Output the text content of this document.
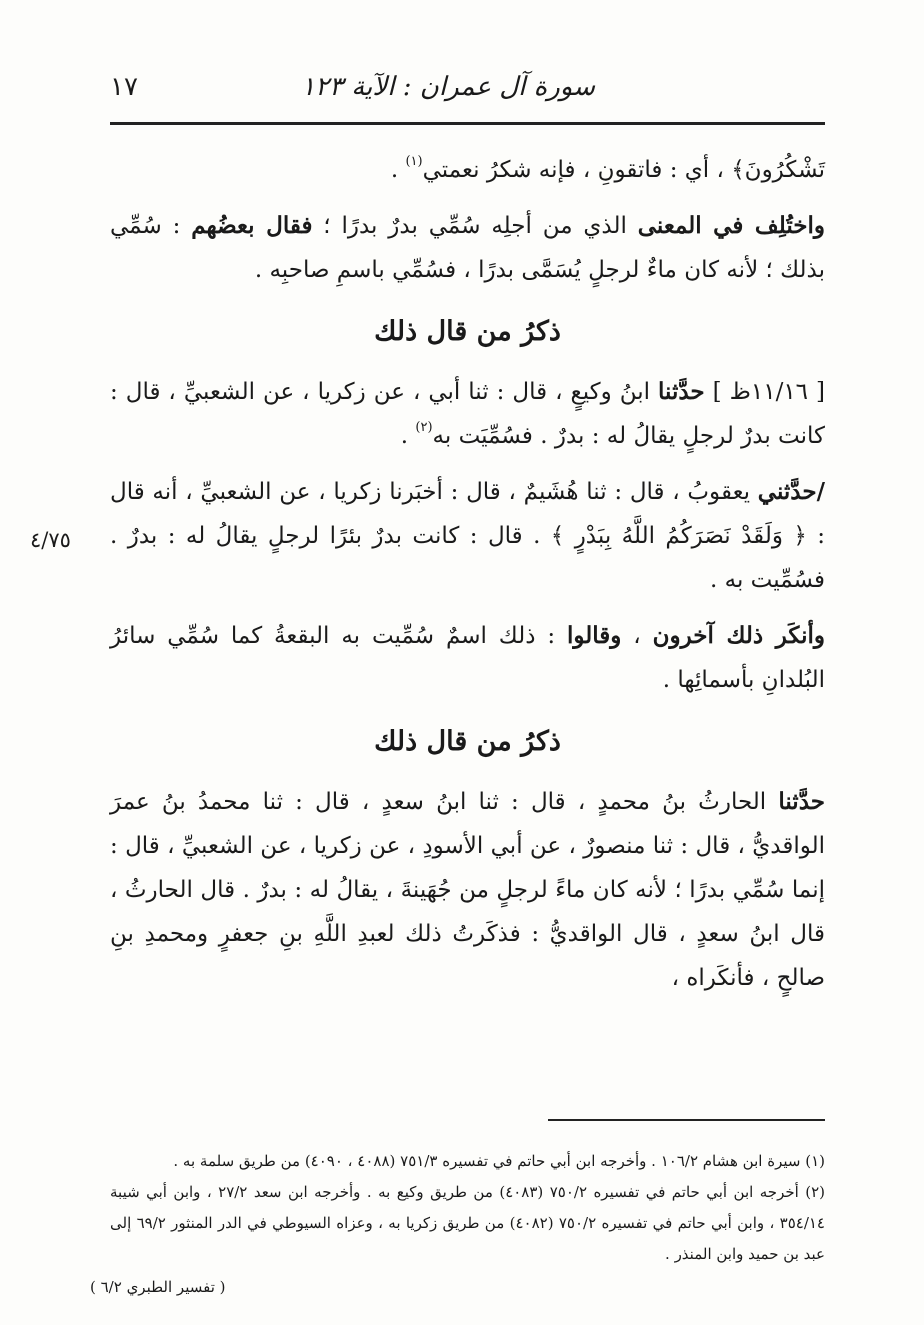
سورة آل عمران : الآية ١٢٣
١٧

تَشْكُرُونَ﴾ ، أي : فاتقونِ ، فإنه شكرُ نعمتي$^{(١)}$ .

واختُلِف في المعنى الذي من أجلِه سُمِّي بدرٌ بدرًا ؛ فقال بعضُهم : سُمِّي بذلك ؛ لأنه كان ماءٌ لرجلٍ يُسَمَّى بدرًا ، فسُمِّي باسمِ صاحبِه .

ذكرُ من قال ذلك

[ ١١/١٦ظ ] حدَّثنا ابنُ وكيعٍ ، قال : ثنا أبي ، عن زكريا ، عن الشعبيِّ ، قال : كانت بدرٌ لرجلٍ يقالُ له : بدرٌ . فسُمِّيَت به$^{(٢)}$ .

/حدَّثني يعقوبُ ، قال : ثنا هُشَيمٌ ، قال : أخبَرنا زكريا ، عن الشعبيِّ ، أنه قال : ﴿ وَلَقَدْ نَصَرَكُمُ اللَّهُ بِبَدْرٍ ﴾ . قال : كانت بدرٌ بئرًا لرجلٍ يقالُ له : بدرٌ . فسُمِّيت به .

وأنكَر ذلك آخرون ، وقالوا : ذلك اسمٌ سُمِّيت به البقعةُ كما سُمِّي سائرُ البُلدانِ بأسمائِها .

ذكرُ من قال ذلك

حدَّثنا الحارثُ بنُ محمدٍ ، قال : ثنا ابنُ سعدٍ ، قال : ثنا محمدُ بنُ عمرَ الواقديُّ ، قال : ثنا منصورٌ ، عن أبي الأسودِ ، عن زكريا ، عن الشعبيِّ ، قال : إنما سُمِّي بدرًا ؛ لأنه كان ماءً لرجلٍ من جُهَينةَ ، يقالُ له : بدرٌ . قال الحارثُ ، قال ابنُ سعدٍ ، قال الواقديُّ : فذكَرتُ ذلك لعبدِ اللَّهِ بنِ جعفرٍ ومحمدِ بنِ صالحٍ ، فأنكَراه ،

٤/٧٥

(١) سيرة ابن هشام ١٠٦/٢ . وأخرجه ابن أبي حاتم في تفسيره ٧٥١/٣ (٤٠٨٨ ، ٤٠٩٠) من طريق سلمة به .

(٢) أخرجه ابن أبي حاتم في تفسيره ٧٥٠/٢ (٤٠٨٣) من طريق وكيع به . وأخرجه ابن سعد ٢٧/٢ ، وابن أبي شيبة ٣٥٤/١٤ ، وابن أبي حاتم في تفسيره ٧٥٠/٢ (٤٠٨٢) من طريق زكريا به ، وعزاه السيوطي في الدر المنثور ٦٩/٢ إلى عبد بن حميد وابن المنذر .

( تفسير الطبري ٦/٢ )
